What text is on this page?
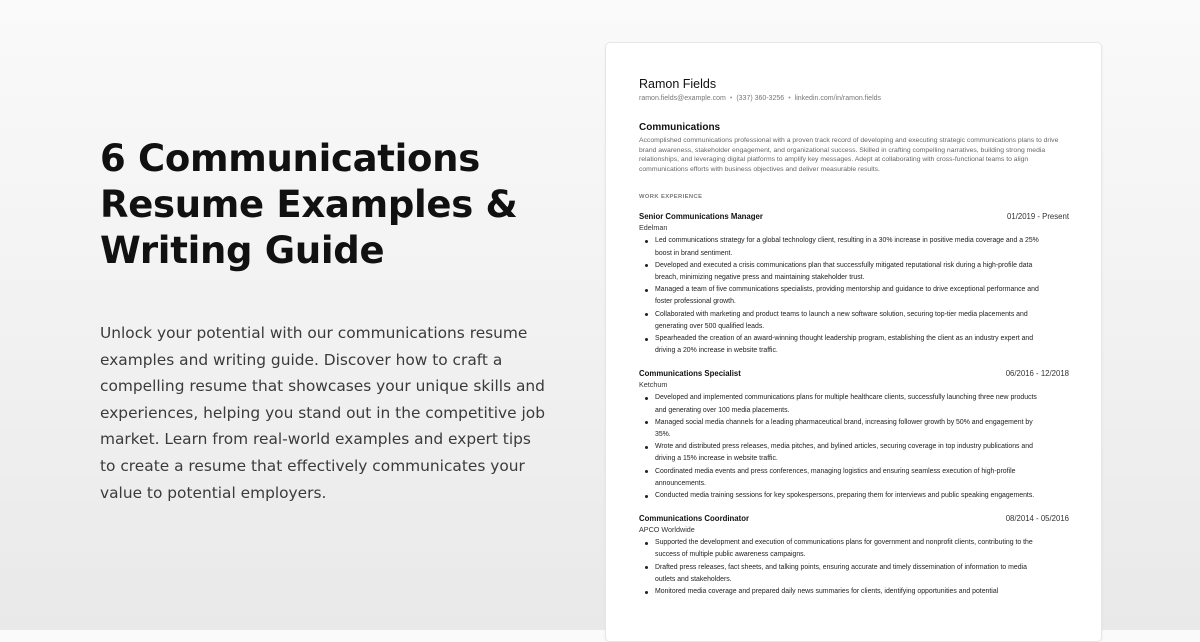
6 Communications Resume Examples & Writing Guide

Unlock your potential with our communications resume examples and writing guide. Discover how to craft a compelling resume that showcases your unique skills and experiences, helping you stand out in the competitive job market. Learn from real-world examples and expert tips to create a resume that effectively communicates your value to potential employers.

Ramon Fields
ramon.fields@example.com • (337) 360-3256 • linkedin.com/in/ramon.fields
Communications
Accomplished communications professional with a proven track record of developing and executing strategic communications plans to drive brand awareness, stakeholder engagement, and organizational success. Skilled in crafting compelling narratives, building strong media relationships, and leveraging digital platforms to amplify key messages. Adept at collaborating with cross-functional teams to align communications efforts with business objectives and deliver measurable results.
WORK EXPERIENCE
Senior Communications Manager	01/2019 - Present
Edelman
Led communications strategy for a global technology client, resulting in a 30% increase in positive media coverage and a 25% boost in brand sentiment.
Developed and executed a crisis communications plan that successfully mitigated reputational risk during a high-profile data breach, minimizing negative press and maintaining stakeholder trust.
Managed a team of five communications specialists, providing mentorship and guidance to drive exceptional performance and foster professional growth.
Collaborated with marketing and product teams to launch a new software solution, securing top-tier media placements and generating over 500 qualified leads.
Spearheaded the creation of an award-winning thought leadership program, establishing the client as an industry expert and driving a 20% increase in website traffic.
Communications Specialist	06/2016 - 12/2018
Ketchum
Developed and implemented communications plans for multiple healthcare clients, successfully launching three new products and generating over 100 media placements.
Managed social media channels for a leading pharmaceutical brand, increasing follower growth by 50% and engagement by 35%.
Wrote and distributed press releases, media pitches, and bylined articles, securing coverage in top industry publications and driving a 15% increase in website traffic.
Coordinated media events and press conferences, managing logistics and ensuring seamless execution of high-profile announcements.
Conducted media training sessions for key spokespersons, preparing them for interviews and public speaking engagements.
Communications Coordinator	08/2014 - 05/2016
APCO Worldwide
Supported the development and execution of communications plans for government and nonprofit clients, contributing to the success of multiple public awareness campaigns.
Drafted press releases, fact sheets, and talking points, ensuring accurate and timely dissemination of information to media outlets and stakeholders.
Monitored media coverage and prepared daily news summaries for clients, identifying opportunities and potential
